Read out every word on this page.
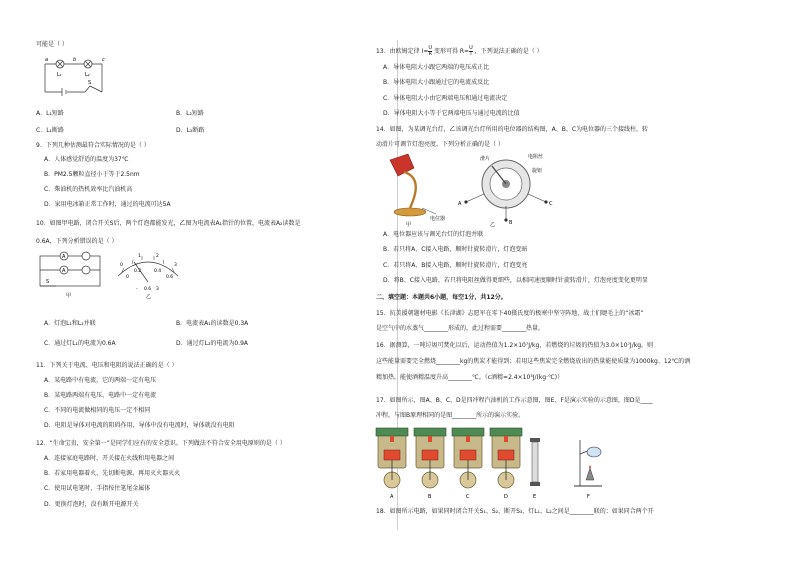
可能是（ ）
a	b	c
L₁	L₂
S
A．L₁短路	B．L₂短路
C．L₁断路	D．L₂断路
9．下列几种估测最符合实际情况的是（ ）
A．人体感觉舒适的温度为37℃
B．PM2.5颗粒直径小于等于2.5nm
C．柴油机的热机效率比汽油机高
D．家用电冰箱正常工作时，通过的电流可达5A
10．如图甲电路，闭合开关S后，两个灯泡都能发光，乙图为电流表A₁指针的位置，电流表A₂读数是
0.6A，下列分析错误的是（ ）
A
A
S
甲
0
1	2
3
0
0.2	0.4
0.6
- 0.6 3
乙
A．灯泡L₁和L₂并联	B．电流表A₁的读数是0.3A
C．通过灯L₁的电流为0.6A	D．通过灯L₂的电流为0.9A
11．下列关于电流、电压和电阻的说法正确的是（ ）
A．某电路中有电流，它的两端一定有电压
B．某电路两端有电压，电路中一定有电流
C．不同的电流做相同的电压一定不相同
D．电阻是导体对电流的阻碍作用，导体中没有电流时，导体就没有电阻
12．“生命宝贵，安全第一”是同学们应有的安全意识。下列做法不符合安全用电原则的是（ ）
A．连接家庭电路时，开关接在火线和用电器之间
B．若家用电器着火，先切断电源，再用灭火器灭火
C．使用试电笔时，手指按住笔尾金属体
D．更换灯泡时，没有断开电源开关
13．由欧姆定律 $I= \frac{U}{R}$ 变形可得 $R= \frac{U}{I}$ ，下列说法正确的是（ ）
A．导体电阻大小跟它两端的电压成正比
B．导体电阻大小跟通过它的电流成反比
C．导体电阻大小由它两端电压和通过电流决定
D．导体电阻大小等于它两端电压与通过电流的比值
14．如图，为某调光台灯，乙该调光台灯所用的电位器的结构图，A、B、C为电位器的三个接线柱，转
动滑片可调节灯泡亮度。下列分析正确的是（ ）
电位器
甲
A
B
C
滑片	电阻丝
旋钮
乙
A．电位器应该与调光台灯的灯泡并联
B．若只将A、C接入电路，顺时针旋转滑片，灯泡变暗
C．若只将A、B接入电路，顺时针旋转滑片，灯泡变亮
D．将B、C接入电路，若只将电阻丝做得更细些，以相同速度顺时针旋转滑片，灯泡亮度变化更明显
二、填空题：本题共6小题，每空1分，共12分。
15．抗美援朝题材电影《长津湖》志愿军在零下40摄氏度的极寒中坚守阵地，战士们睫毛上的“冰霜”
是空气中的水蒸气________形成的，此过程需要________热量。
16．据测算，一吨垃圾可焚化以后，运动热值为1.2×10⁷J/kg，若燃烧的垃圾的热值为3.0×10⁷J/kg，则
这些能量需要完全燃烧________kg的焦炭才能得到；若用这些焦炭完全燃烧放出的热量能使质量为1000kg、12℃的酒
精加热，能使酒精温度升高________℃。（c酒精=2.4×10³J/(kg·℃)）
17．如图所示，图A、B、C、D是四冲程汽油机的工作示意图，图E、F是演示实验的示意图，图D是____
冲程，与图B原理相同的是图________所示的演示实验。
A	B	C	D	E	F
18．如图所示电路，如果同时闭合开关S₁、S₂，断开S₃，灯L₁、L₂之间是________联的；如果同合两个开
